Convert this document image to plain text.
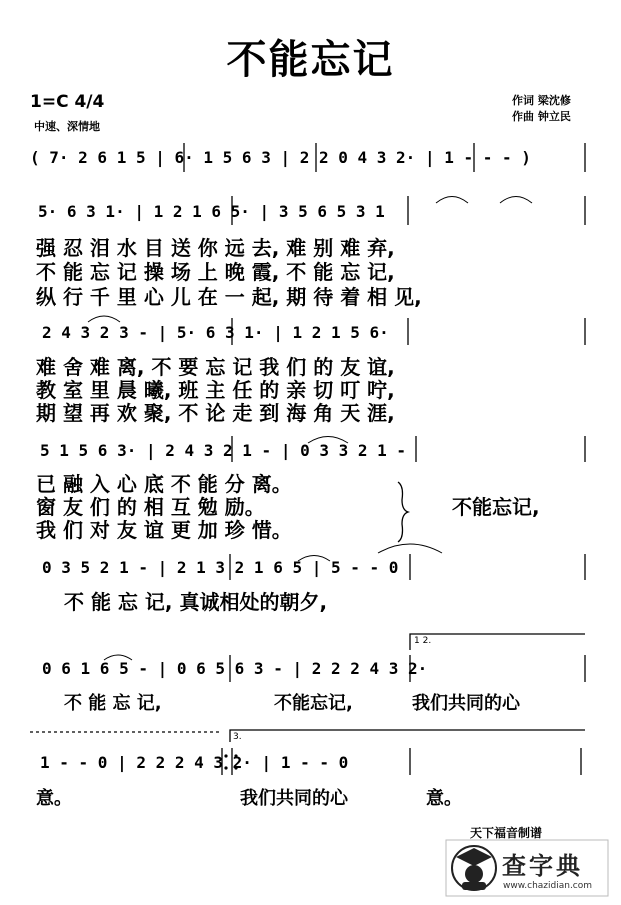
不能忘记
1=C 4/4
中速、深情地
作词 梁沈修
作曲 钟立民
( 7· 2 6 1 5 | 6· 1 5 6 3 | 2 2 0 4 3 2· | 1 - - - )
5· 6 3 1· | 1 2 1 6 5· | 3 5 6 5 3 1
强 忍 泪 水 目 送 你 远 去, 难 别 难 弃,
不 能 忘 记 操 场 上 晚 霞, 不 能 忘 记,
纵 行 千 里 心 儿 在 一 起, 期 待 着 相 见,
2 4 3 2 3 - | 5· 6 3 1· | 1 2 1 5 6·
难 舍 难 离, 不 要 忘 记 我 们 的 友 谊,
教 室 里 晨 曦, 班 主 任 的 亲 切 叮 咛,
期 望 再 欢 聚, 不 论 走 到 海 角 天 涯,
5 1 5 6 3· | 2 4 3 2 1 - | 0 3 3 2 1 -
已 融 入 心 底 不 能 分 离。
窗 友 们 的 相 互 勉 励。
我 们 对 友 谊 更 加 珍 惜。
不能忘记,
0 3 5 2 1 - | 2 1 3 2 1 6 5 | 5 - - 0
不 能 忘 记, 真诚相处的朝夕,
0 6 1 6 5 - | 0 6 5 6 3 - | 2 2 2 4 3 2·
1 2.
不 能 忘 记,	不能忘记,	我们共同的心
1 - - 0 | 2 2 2 4 3 2· | 1 - - 0
3.
意。	我们共同的心	意。
天下福音制谱
查字典
www.chazidian.com
